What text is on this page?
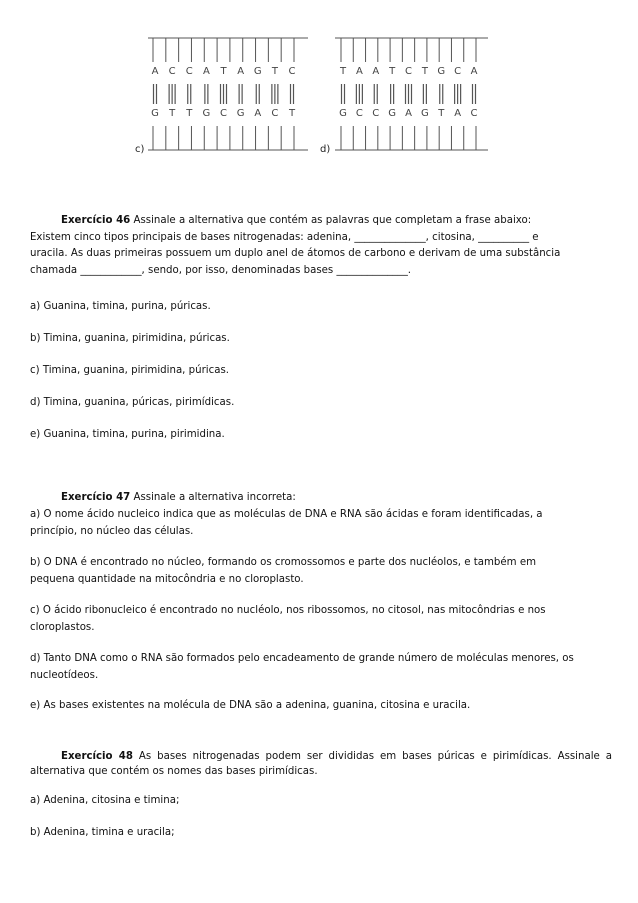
A C C A T A G T C
G T T G C G A C T
T A A T C T G C A
G C C G A G T A C
c)	d)

Exercício 46 Assinale a alternativa que contém as palavras que completam a frase abaixo:

Existem cinco tipos principais de bases nitrogenadas: adenina, ______________, citosina, __________ e

uracila. As duas primeiras possuem um duplo anel de átomos de carbono e derivam de uma substância

chamada ____________, sendo, por isso, denominadas bases ______________.

a) Guanina, timina, purina, púricas.

b) Timina, guanina, pirimidina, púricas.

c) Timina, guanina, pirimidina, púricas.

d) Timina, guanina, púricas, pirimídicas.

e) Guanina, timina, purina, pirimidina.

Exercício 47 Assinale a alternativa incorreta:

a) O nome ácido nucleico indica que as moléculas de DNA e RNA são ácidas e foram identificadas, a

princípio, no núcleo das células.

b) O DNA é encontrado no núcleo, formando os cromossomos e parte dos nucléolos, e também em

pequena quantidade na mitocôndria e no cloroplasto.

c) O ácido ribonucleico é encontrado no nucléolo, nos ribossomos, no citosol, nas mitocôndrias e nos

cloroplastos.

d) Tanto DNA como o RNA são formados pelo encadeamento de grande número de moléculas menores, os

nucleotídeos.

e) As bases existentes na molécula de DNA são a adenina, guanina, citosina e uracila.

Exercício 48 As bases nitrogenadas podem ser divididas em bases púricas e pirimídicas. Assinale a alternativa que contém os nomes das bases pirimídicas.

a) Adenina, citosina e timina;

b) Adenina, timina e uracila;
